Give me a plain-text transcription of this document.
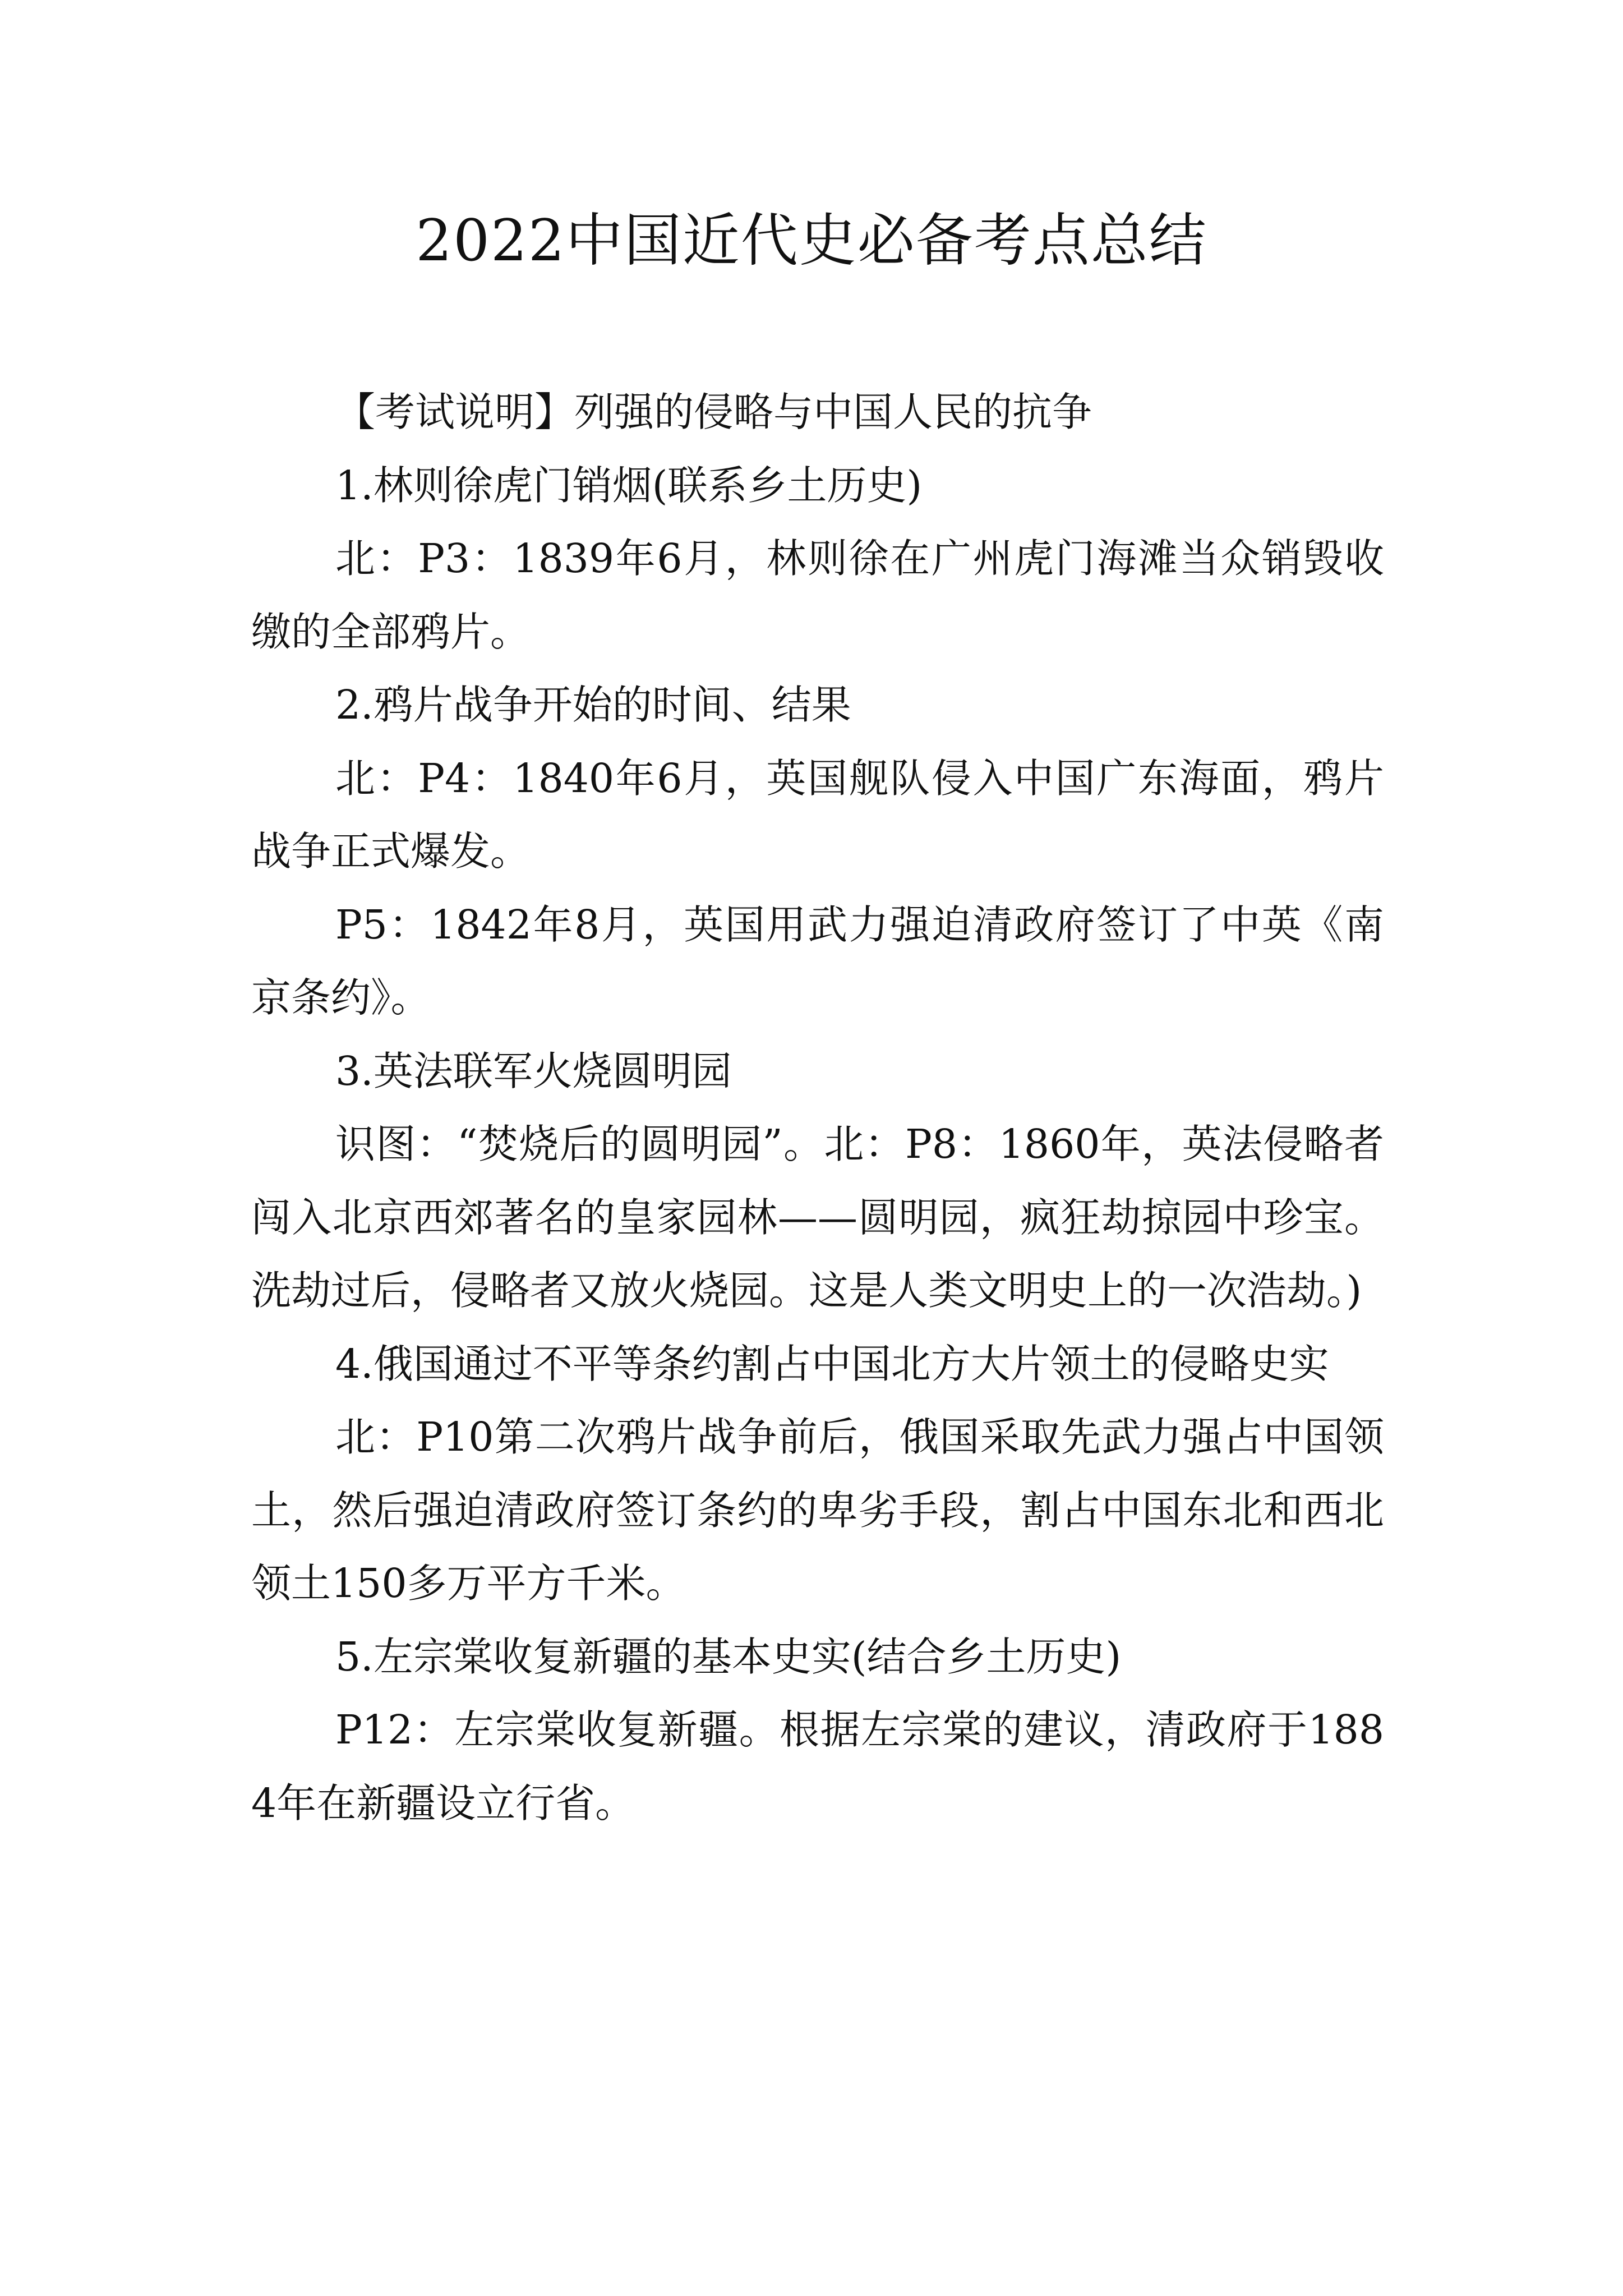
2022中国近代史必备考点总结

【考试说明】列强的侵略与中国人民的抗争

1.林则徐虎门销烟(联系乡土历史)

北：P3：1839年6月，林则徐在广州虎门海滩当众销毁收缴的全部鸦片。

2.鸦片战争开始的时间、结果

北：P4：1840年6月，英国舰队侵入中国广东海面，鸦片战争正式爆发。

P5：1842年8月，英国用武力强迫清政府签订了中英《南京条约》。

3.英法联军火烧圆明园

识图：“焚烧后的圆明园”。北：P8：1860年，英法侵略者闯入北京西郊著名的皇家园林——圆明园，疯狂劫掠园中珍宝。洗劫过后，侵略者又放火烧园。这是人类文明史上的一次浩劫。)

4.俄国通过不平等条约割占中国北方大片领土的侵略史实

北：P10第二次鸦片战争前后，俄国采取先武力强占中国领土，然后强迫清政府签订条约的卑劣手段，割占中国东北和西北领土150多万平方千米。

5.左宗棠收复新疆的基本史实(结合乡土历史)

P12：左宗棠收复新疆。根据左宗棠的建议，清政府于1884年在新疆设立行省。
